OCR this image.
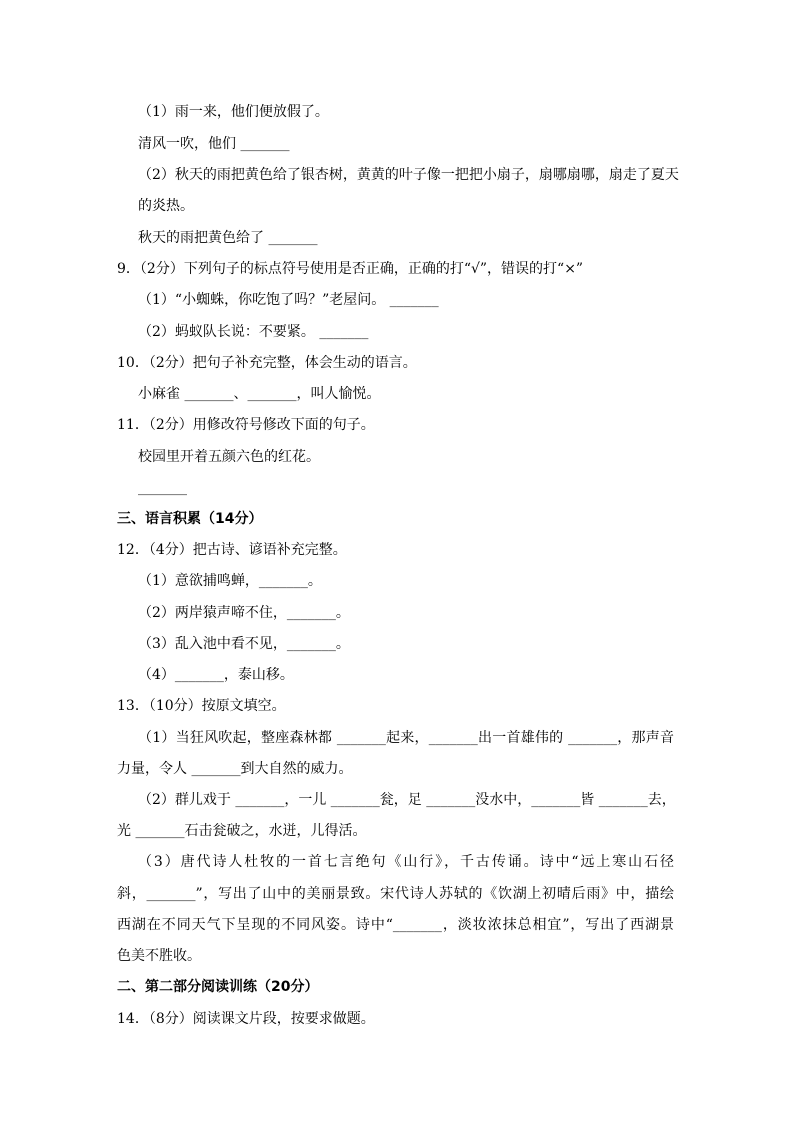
（1）雨一来，他们便放假了。
清风一吹，他们 _______
（2）秋天的雨把黄色给了银杏树，黄黄的叶子像一把把小扇子，扇哪扇哪，扇走了夏天
的炎热。
秋天的雨把黄色给了 _______
9．（2分）下列句子的标点符号使用是否正确，正确的打“√”，错误的打“×”
（1）“小蜘蛛，你吃饱了吗？”老屋问。 _______
（2）蚂蚁队长说：不要紧。 _______
10．（2分）把句子补充完整，体会生动的语言。
小麻雀 _______、_______，叫人愉悦。
11．（2分）用修改符号修改下面的句子。
校园里开着五颜六色的红花。
_______
三、语言积累（14分）
12．（4分）把古诗、谚语补充完整。
（1）意欲捕鸣蝉，_______。
（2）两岸猿声啼不住，_______。
（3）乱入池中看不见，_______。
（4）_______，泰山移。
13．（10分）按原文填空。
（1）当狂风吹起，整座森林都 _______起来，_______出一首雄伟的 _______，那声音
力量，令人 _______到大自然的威力。
（2）群儿戏于 _______，一儿 _______瓮，足 _______没水中，_______皆 _______去，
光 _______石击瓮破之，水迸，儿得活。
（3）唐代诗人杜牧的一首七言绝句《山行》，千古传诵。诗中“远上寒山石径
斜，_______”，写出了山中的美丽景致。宋代诗人苏轼的《饮湖上初晴后雨》中，描绘
西湖在不同天气下呈现的不同风姿。诗中“_______，淡妆浓抹总相宜”，写出了西湖景
色美不胜收。
二、第二部分阅读训练（20分）
14．（8分）阅读课文片段，按要求做题。
